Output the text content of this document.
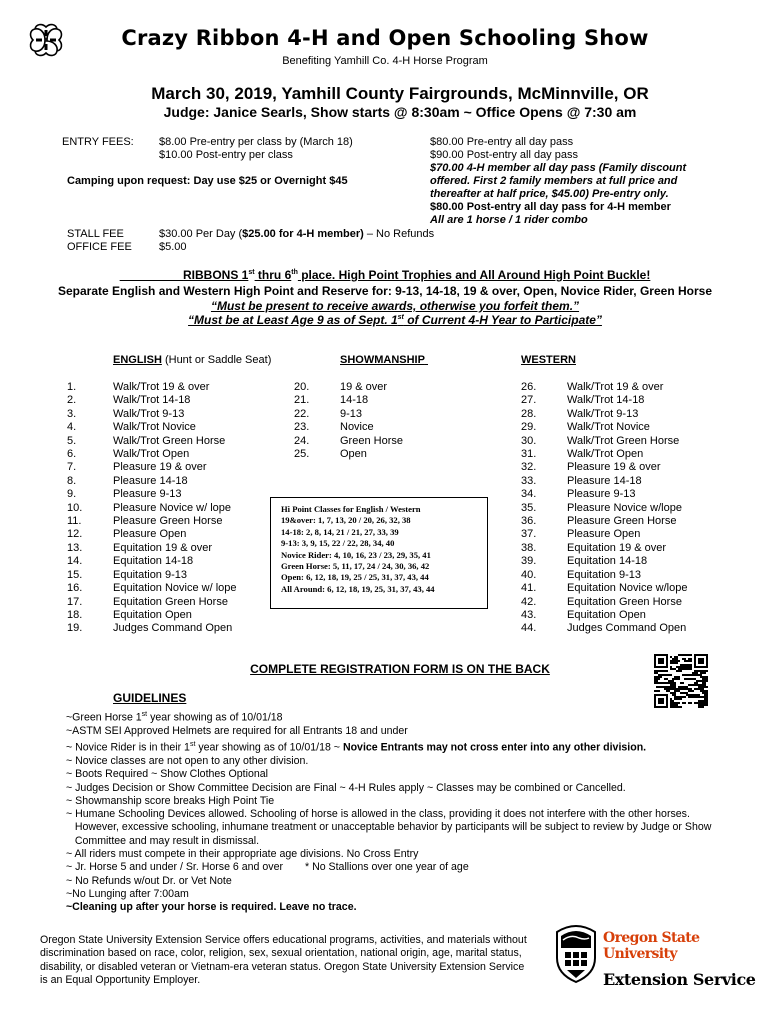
Crazy Ribbon 4-H and Open Schooling Show
Benefiting Yamhill Co. 4-H Horse Program
March 30, 2019, Yamhill County Fairgrounds, McMinnville, OR
Judge: Janice Searls, Show starts @ 8:30am ~ Office Opens @ 7:30 am
ENTRY FEES: $8.00 Pre-entry per class by (March 18)
$10.00 Post-entry per class
Camping upon request: Day use $25 or Overnight $45
$80.00 Pre-entry all day pass
$90.00 Post-entry all day pass
$70.00 4-H member all day pass (Family discount
offered. First 2 family members at full price and
thereafter at half price, $45.00) Pre-entry only.
$80.00 Post-entry all day pass for 4-H member
All are 1 horse / 1 rider combo
STALL FEE	$30.00 Per Day ($25.00 for 4-H member) – No Refunds
OFFICE FEE $5.00
RIBBONS 1st thru 6th place. High Point Trophies and All Around High Point Buckle!
Separate English and Western High Point and Reserve for: 9-13, 14-18, 19 & over, Open, Novice Rider, Green Horse
“Must be present to receive awards, otherwise you forfeit them.”
“Must be at Least Age 9 as of Sept. 1st of Current 4-H Year to Participate”
ENGLISH (Hunt or Saddle Seat)	SHOWMANSHIP	WESTERN
1.	Walk/Trot 19 & over
2.	Walk/Trot 14-18
3.	Walk/Trot 9-13
4.	Walk/Trot Novice
5.	Walk/Trot Green Horse
6.	Walk/Trot Open
7.	Pleasure 19 & over
8.	Pleasure 14-18
9.	Pleasure 9-13
10.	Pleasure Novice w/ lope
11.	Pleasure Green Horse
12.	Pleasure Open
13.	Equitation 19 & over
14.	Equitation 14-18
15.	Equitation 9-13
16.	Equitation Novice w/ lope
17.	Equitation Green Horse
18.	Equitation Open
19.	Judges Command Open
20.	19 & over
21.	14-18
22.	9-13
23.	Novice
24.	Green Horse
25.	Open
26.	Walk/Trot 19 & over
27.	Walk/Trot 14-18
28.	Walk/Trot 9-13
29.	Walk/Trot Novice
30.	Walk/Trot Green Horse
31.	Walk/Trot Open
32.	Pleasure 19 & over
33.	Pleasure 14-18
34.	Pleasure 9-13
35.	Pleasure Novice w/lope
36.	Pleasure Green Horse
37.	Pleasure Open
38.	Equitation 19 & over
39.	Equitation 14-18
40.	Equitation 9-13
41.	Equitation Novice w/lope
42.	Equitation Green Horse
43.	Equitation Open
44.	Judges Command Open
Hi Point Classes for English / Western
19&over: 1, 7, 13, 20 / 20, 26, 32, 38
14-18: 2, 8, 14, 21 / 21, 27, 33, 39
9-13: 3, 9, 15, 22 / 22, 28, 34, 40
Novice Rider: 4, 10, 16, 23 / 23, 29, 35, 41
Green Horse: 5, 11, 17, 24 / 24, 30, 36, 42
Open: 6, 12, 18, 19, 25 / 25, 31, 37, 43, 44
All Around: 6, 12, 18, 19, 25, 31, 37, 43, 44
COMPLETE REGISTRATION FORM IS ON THE BACK
GUIDELINES
~Green Horse 1st year showing as of 10/01/18
~ASTM SEI Approved Helmets are required for all Entrants 18 and under
~ Novice Rider is in their 1st year showing as of 10/01/18 ~ Novice Entrants may not cross enter into any other division.
~ Novice classes are not open to any other division.
~ Boots Required ~ Show Clothes Optional
~ Judges Decision or Show Committee Decision are Final ~ 4-H Rules apply ~ Classes may be combined or Cancelled.
~ Showmanship score breaks High Point Tie
~ Humane Schooling Devices allowed. Schooling of horse is allowed in the class, providing it does not interfere with the other horses.
However, excessive schooling, inhumane treatment or unacceptable behavior by participants will be subject to review by Judge or Show
Committee and may result in dismissal.
~ All riders must compete in their appropriate age divisions. No Cross Entry
~ Jr. Horse 5 and under / Sr. Horse 6 and over * No Stallions over one year of age
~ No Refunds w/out Dr. or Vet Note
~No Lunging after 7:00am
~Cleaning up after your horse is required. Leave no trace.
Oregon State University Extension Service offers educational programs, activities, and materials without discrimination based on race, color, religion, sex, sexual orientation, national origin, age, marital status, disability, or disabled veteran or Vietnam-era veteran status. Oregon State University Extension Service is an Equal Opportunity Employer.
Oregon State University
Extension Service
